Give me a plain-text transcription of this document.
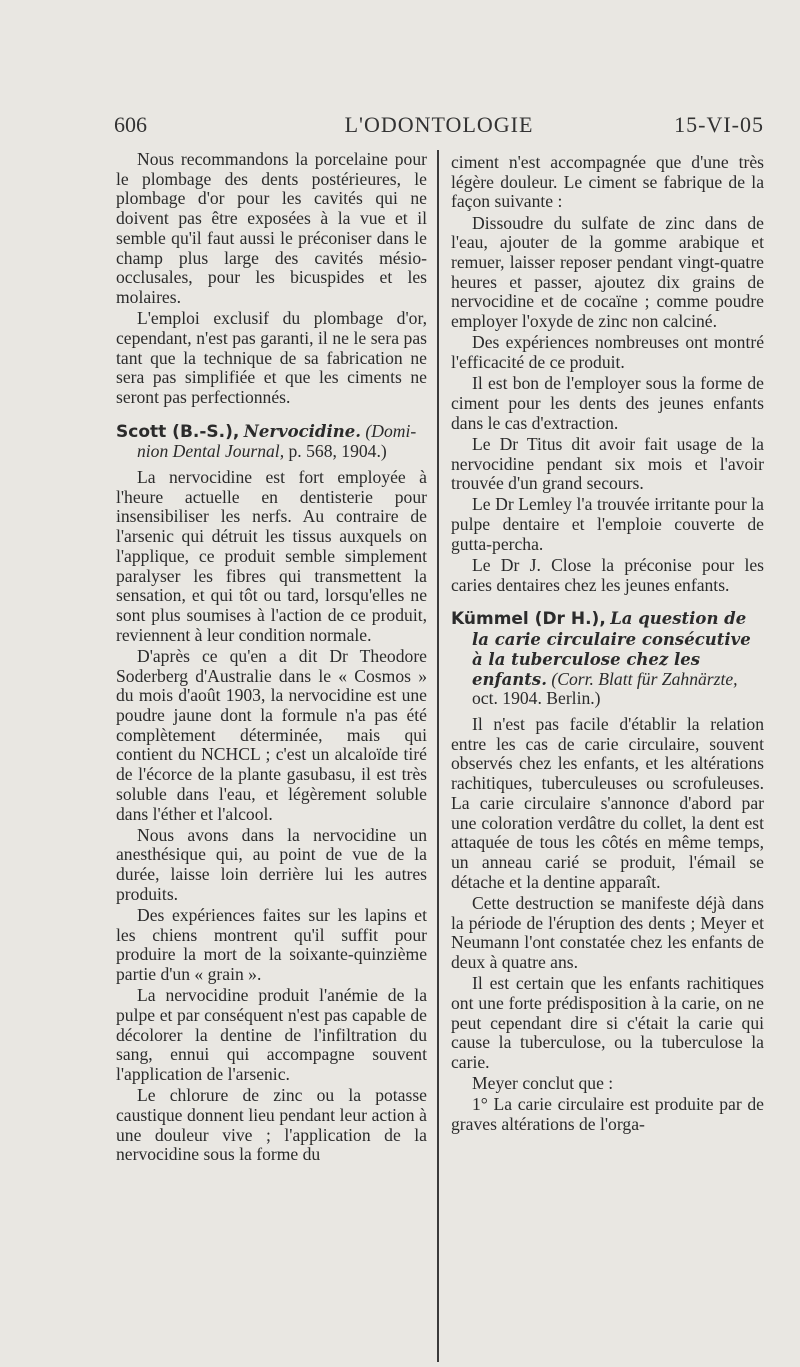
606	L'ODONTOLOGIE	15-VI-05

Nous recommandons la porcelaine pour le plombage des dents postérieures, le plombage d'or pour les cavités qui ne doivent pas être exposées à la vue et il semble qu'il faut aussi le préconiser dans le champ plus large des cavités mésio-occlusales, pour les bicuspides et les molaires.

L'emploi exclusif du plombage d'or, cependant, n'est pas garanti, il ne le sera pas tant que la technique de sa fabrication ne sera pas simplifiée et que les ciments ne seront pas perfectionnés.

Scott (B.-S.), Nervocidine. (Dominion Dental Journal, p. 568, 1904.)

La nervocidine est fort employée à l'heure actuelle en dentisterie pour insensibiliser les nerfs. Au contraire de l'arsenic qui détruit les tissus auxquels on l'applique, ce produit semble simplement paralyser les fibres qui transmettent la sensation, et qui tôt ou tard, lorsqu'elles ne sont plus soumises à l'action de ce produit, reviennent à leur condition normale.

D'après ce qu'en a dit Dr Theodore Soderberg d'Australie dans le « Cosmos » du mois d'août 1903, la nervocidine est une poudre jaune dont la formule n'a pas été complètement déterminée, mais qui contient du NCHCL ; c'est un alcaloïde tiré de l'écorce de la plante gasubasu, il est très soluble dans l'eau, et légèrement soluble dans l'éther et l'alcool.

Nous avons dans la nervocidine un anesthésique qui, au point de vue de la durée, laisse loin derrière lui les autres produits.

Des expériences faites sur les lapins et les chiens montrent qu'il suffit pour produire la mort de la soixante-quinzième partie d'un « grain ».

La nervocidine produit l'anémie de la pulpe et par conséquent n'est pas capable de décolorer la dentine de l'infiltration du sang, ennui qui accompagne souvent l'application de l'arsenic.

Le chlorure de zinc ou la potasse caustique donnent lieu pendant leur action à une douleur vive ; l'application de la nervocidine sous la forme du

ciment n'est accompagnée que d'une très légère douleur. Le ciment se fabrique de la façon suivante :

Dissoudre du sulfate de zinc dans de l'eau, ajouter de la gomme arabique et remuer, laisser reposer pendant vingt-quatre heures et passer, ajoutez dix grains de nervocidine et de cocaïne ; comme poudre employer l'oxyde de zinc non calciné.

Des expériences nombreuses ont montré l'efficacité de ce produit.

Il est bon de l'employer sous la forme de ciment pour les dents des jeunes enfants dans le cas d'extraction.

Le Dr Titus dit avoir fait usage de la nervocidine pendant six mois et l'avoir trouvée d'un grand secours.

Le Dr Lemley l'a trouvée irritante pour la pulpe dentaire et l'emploie couverte de gutta-percha.

Le Dr J. Close la préconise pour les caries dentaires chez les jeunes enfants.

Kümmel (Dr H.), La question de la carie circulaire consécutive à la tuberculose chez les enfants. (Corr. Blatt für Zahnärzte, oct. 1904. Berlin.)

Il n'est pas facile d'établir la relation entre les cas de carie circulaire, souvent observés chez les enfants, et les altérations rachitiques, tuberculeuses ou scrofuleuses. La carie circulaire s'annonce d'abord par une coloration verdâtre du collet, la dent est attaquée de tous les côtés en même temps, un anneau carié se produit, l'émail se détache et la dentine apparaît.

Cette destruction se manifeste déjà dans la période de l'éruption des dents ; Meyer et Neumann l'ont constatée chez les enfants de deux à quatre ans.

Il est certain que les enfants rachitiques ont une forte prédisposition à la carie, on ne peut cependant dire si c'était la carie qui cause la tuberculose, ou la tuberculose la carie.

Meyer conclut que :

1° La carie circulaire est produite par de graves altérations de l'orga-
